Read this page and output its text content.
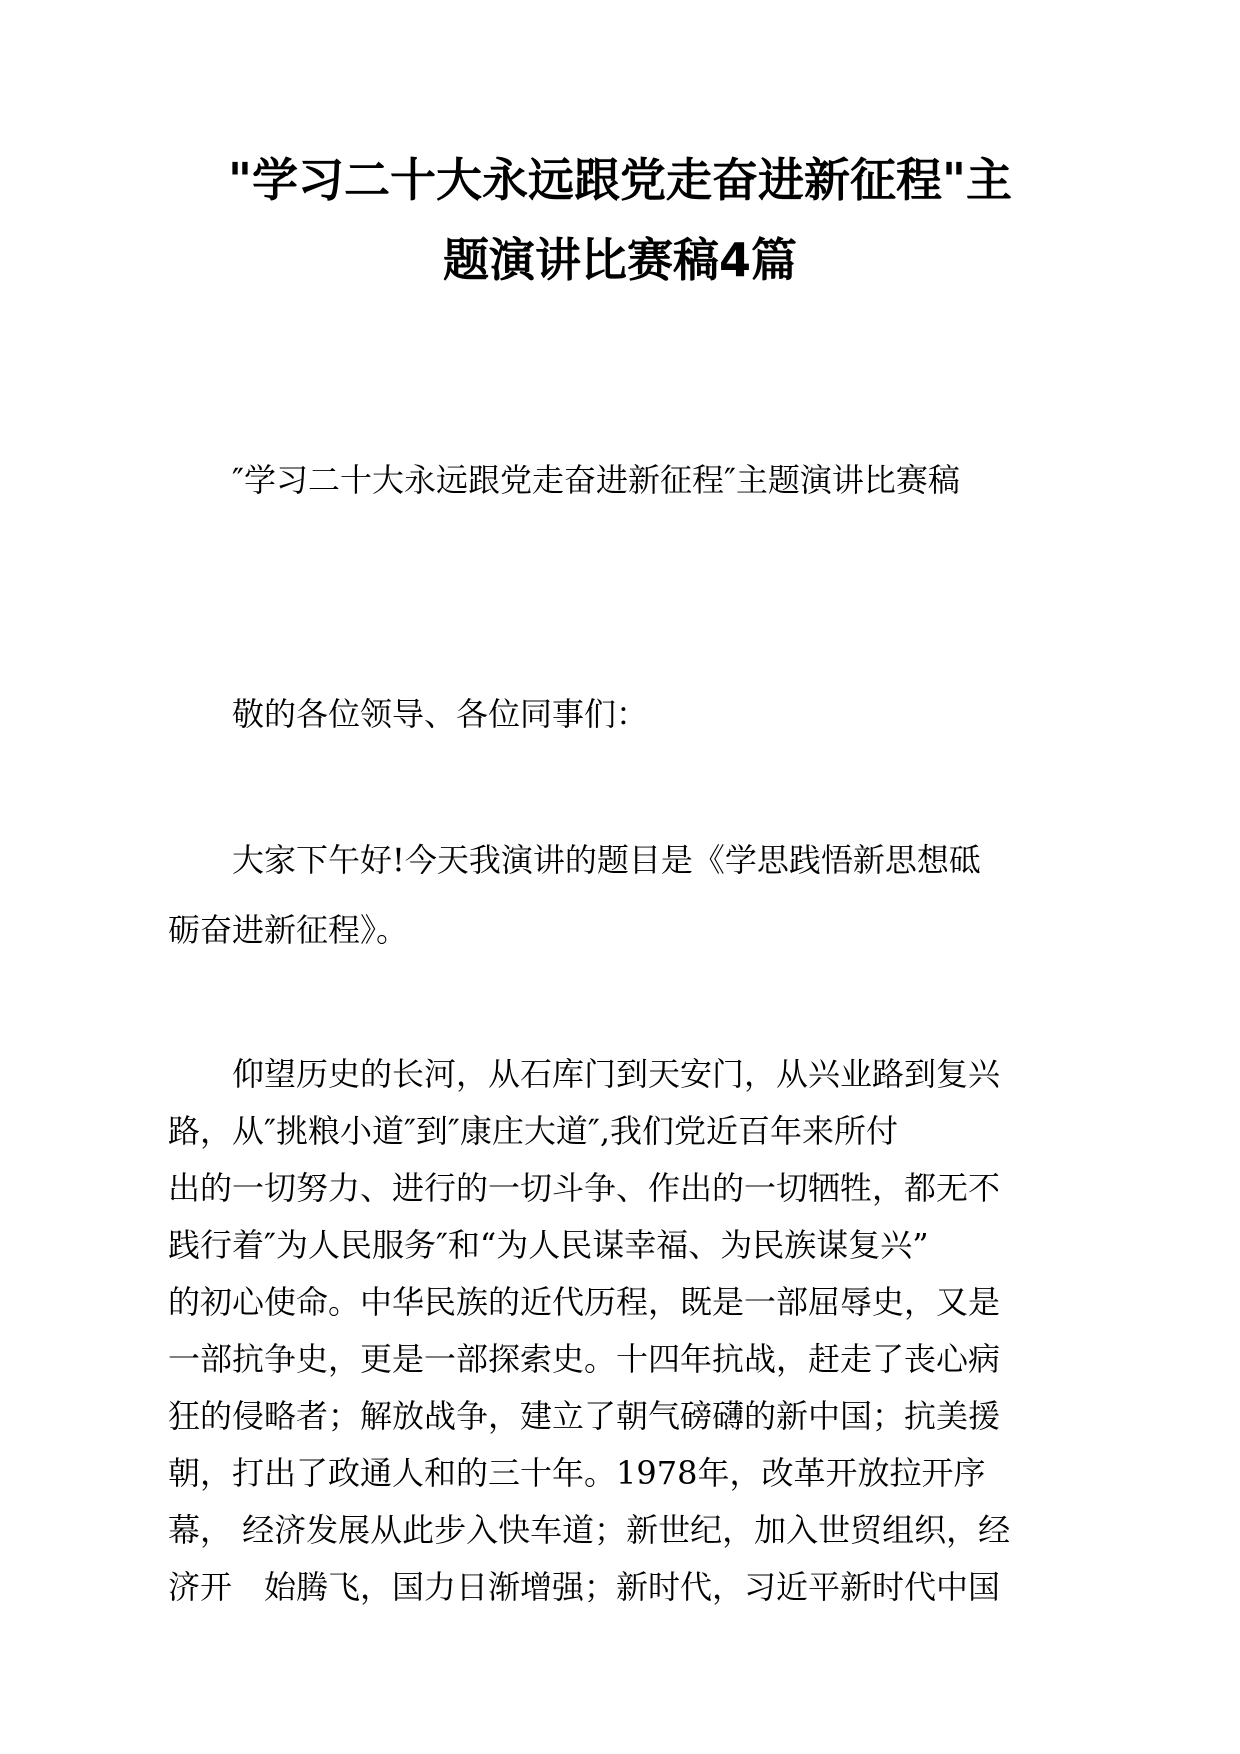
"学习二十大永远跟党走奋进新征程"主
题演讲比赛稿4篇

″学习二十大永远跟党走奋进新征程″主题演讲比赛稿

敬的各位领导、各位同事们：

大家下午好!今天我演讲的题目是《学思践悟新思想砥

砺奋进新征程》。

仰望历史的长河，从石库门到天安门，从兴业路到复兴
路，从″挑粮小道″到″康庄大道″,我们党近百年来所付
出的一切努力、进行的一切斗争、作出的一切牺牲，都无不
践行着″为人民服务″和“为人民谋幸福、为民族谋复兴”
的初心使命。中华民族的近代历程，既是一部屈辱史，又是
一部抗争史，更是一部探索史。十四年抗战，赶走了丧心病
狂的侵略者；解放战争，建立了朝气磅礴的新中国；抗美援
朝，打出了政通人和的三十年。1978年，改革开放拉开序
幕， 经济发展从此步入快车道；新世纪，加入世贸组织，经
济开　始腾飞，国力日渐增强；新时代，习近平新时代中国
